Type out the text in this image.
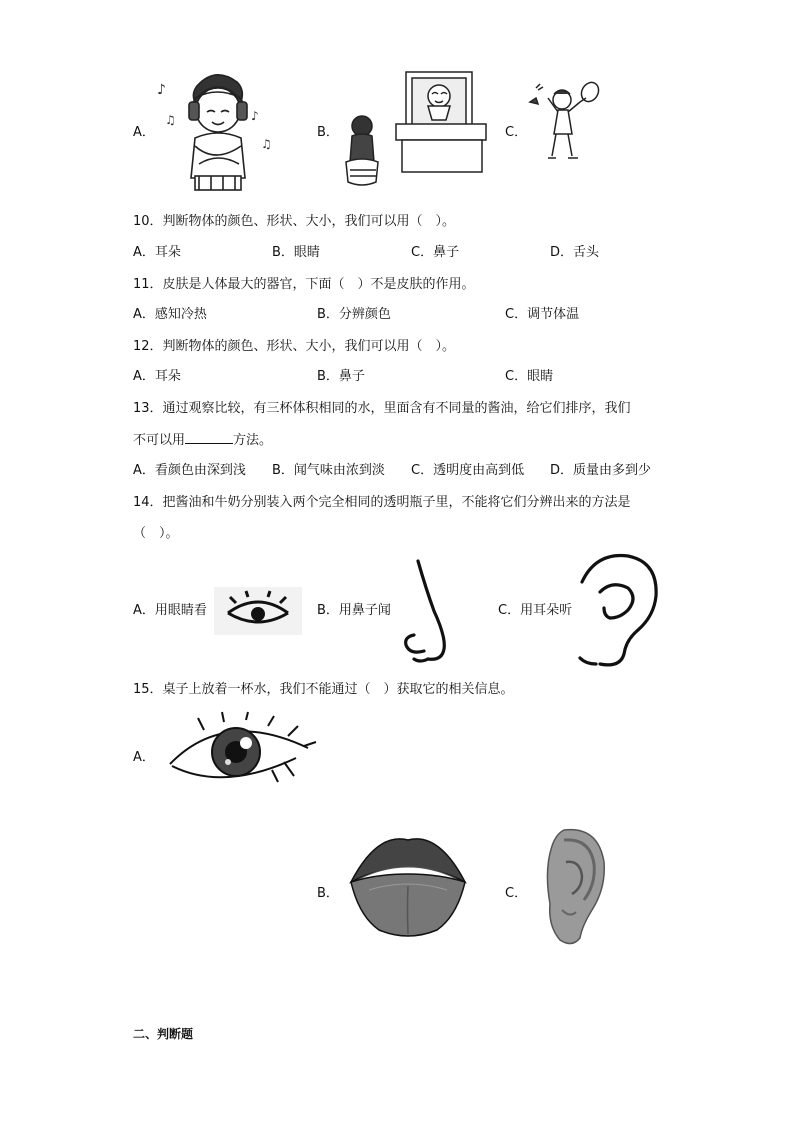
A．
♪
♫	♪
♫
B．	C．
10．判断物体的颜色、形状、大小，我们可以用（　）。
A．耳朵	B．眼睛	C．鼻子	D．舌头
11．皮肤是人体最大的器官，下面（　）不是皮肤的作用。
A．感知冷热	B．分辨颜色	C．调节体温
12．判断物体的颜色、形状、大小，我们可以用（　）。
A．耳朵	B．鼻子	C．眼睛
13．通过观察比较，有三杯体积相同的水，里面含有不同量的酱油，给它们排序，我们
不可以用	方法。
A．看颜色由深到浅 B．闻气味由浓到淡 C．透明度由高到低 D．质量由多到少
14．把酱油和牛奶分别装入两个完全相同的透明瓶子里，不能将它们分辨出来的方法是
（　）。
A．用眼睛看	B．用鼻子闻	C．用耳朵听
15．桌子上放着一杯水，我们不能通过（　）获取它的相关信息。
A．
B．	C．
二、判断题
